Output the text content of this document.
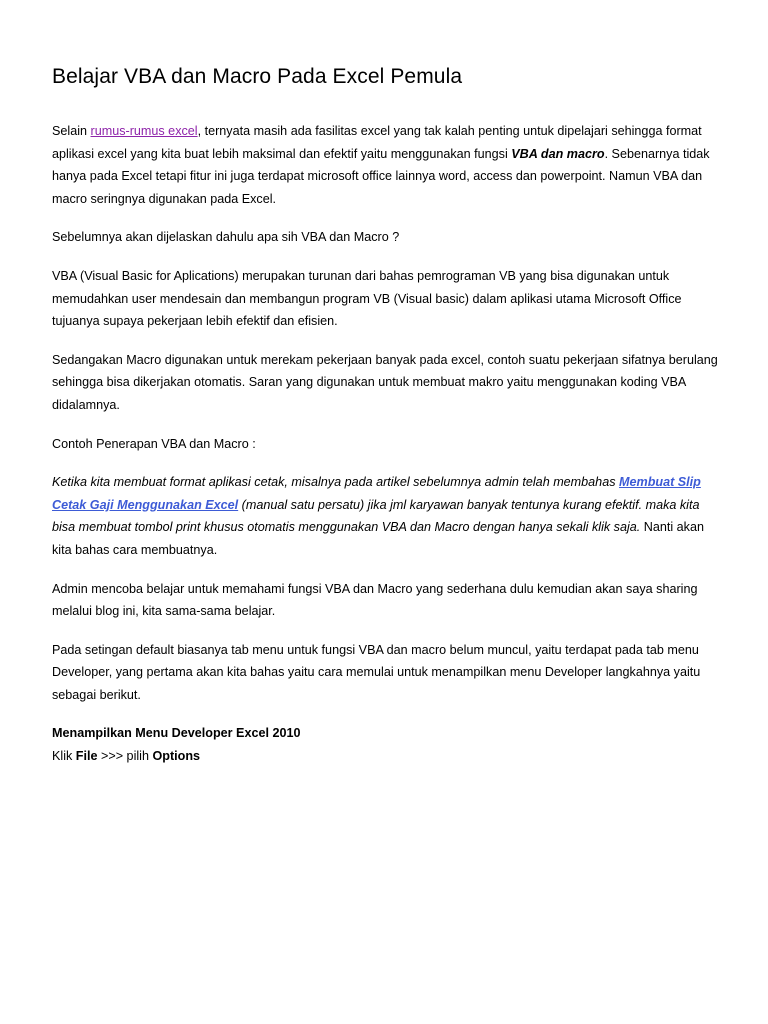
Belajar VBA dan Macro Pada Excel Pemula

Selain rumus-rumus excel, ternyata masih ada fasilitas excel yang tak kalah penting untuk dipelajari sehingga format aplikasi excel yang kita buat lebih maksimal dan efektif yaitu menggunakan fungsi VBA dan macro. Sebenarnya tidak hanya pada Excel tetapi fitur ini juga terdapat microsoft office lainnya word, access dan powerpoint. Namun VBA dan macro seringnya digunakan pada Excel.

Sebelumnya akan dijelaskan dahulu apa sih VBA dan Macro ?

VBA (Visual Basic for Aplications) merupakan turunan dari bahas pemrograman VB yang bisa digunakan untuk memudahkan user mendesain dan membangun program VB (Visual basic) dalam aplikasi utama Microsoft Office tujuanya supaya pekerjaan lebih efektif dan efisien.

Sedangakan Macro digunakan untuk merekam pekerjaan banyak pada excel, contoh suatu pekerjaan sifatnya berulang sehingga bisa dikerjakan otomatis. Saran yang digunakan untuk membuat makro yaitu menggunakan koding VBA didalamnya.

Contoh Penerapan VBA dan Macro :

Ketika kita membuat format aplikasi cetak, misalnya pada artikel sebelumnya admin telah membahas Membuat Slip Cetak Gaji Menggunakan Excel (manual satu persatu) jika jml karyawan banyak tentunya kurang efektif. maka kita bisa membuat tombol print khusus otomatis menggunakan VBA dan Macro dengan hanya sekali klik saja. Nanti akan kita bahas cara membuatnya.

Admin mencoba belajar untuk memahami fungsi VBA dan Macro yang sederhana dulu kemudian akan saya sharing melalui blog ini, kita sama-sama belajar.

Pada setingan default biasanya tab menu untuk fungsi VBA dan macro belum muncul, yaitu terdapat pada tab menu Developer, yang pertama akan kita bahas yaitu cara memulai untuk menampilkan menu Developer langkahnya yaitu sebagai berikut.

Menampilkan Menu Developer Excel 2010
Klik File >>> pilih Options
